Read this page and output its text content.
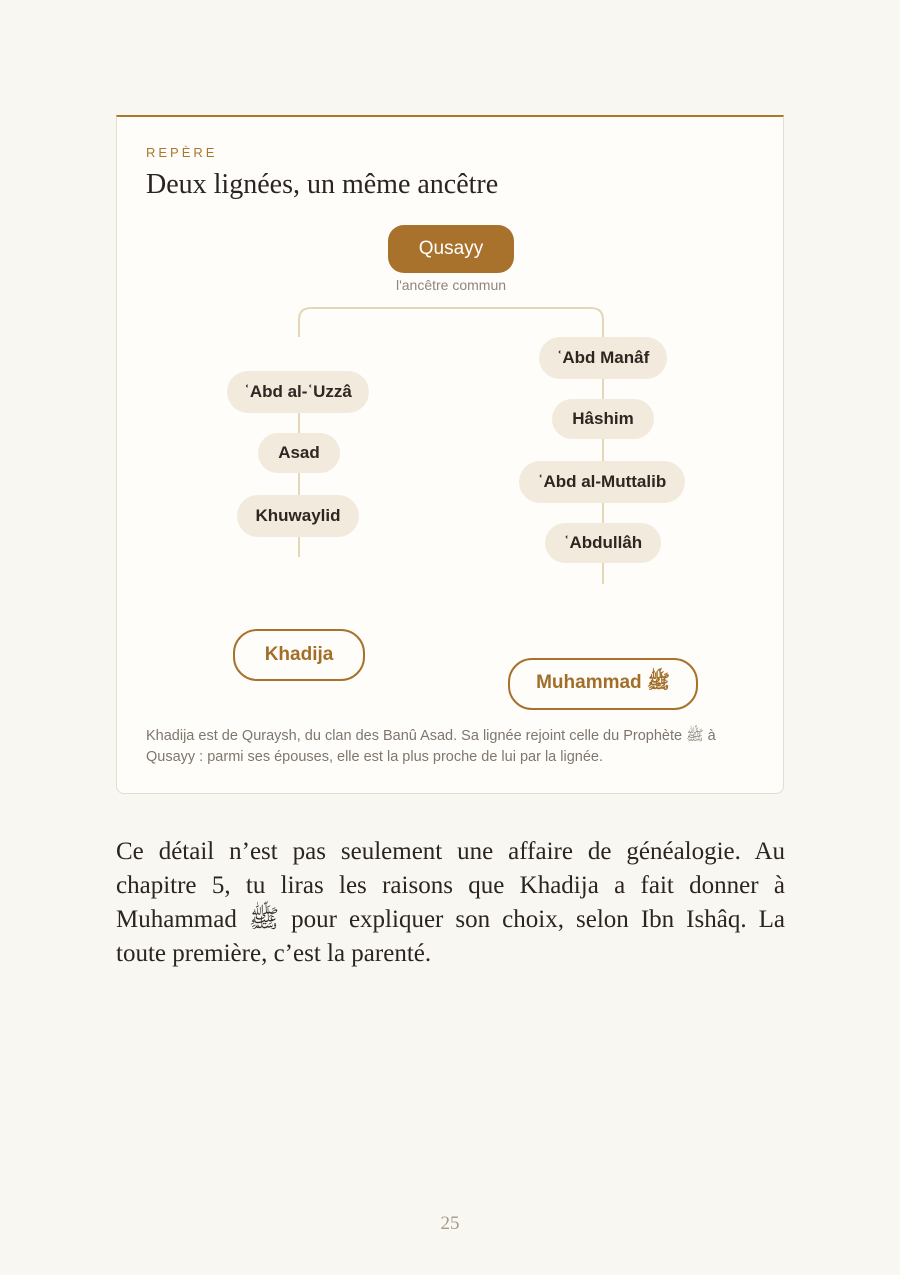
REPÈRE
Deux lignées, un même ancêtre
Qusayy
l'ancêtre commun
ʿAbd al-ʿUzzâ
Asad
Khuwaylid
ʿAbd Manâf
Hâshim
ʿAbd al-Muttalib
ʿAbdullâh
Khadija
Muhammad ﷺ
Khadija est de Quraysh, du clan des Banû Asad. Sa lignée rejoint celle du Prophète ﷺ à Qusayy : parmi ses épouses, elle est la plus proche de lui par la lignée.

Ce détail n’est pas seulement une affaire de généalogie. Au chapitre 5, tu liras les raisons que Khadija a fait donner à Muhammad ﷺ pour expliquer son choix, selon Ibn Ishâq. La toute première, c’est la parenté.

25
